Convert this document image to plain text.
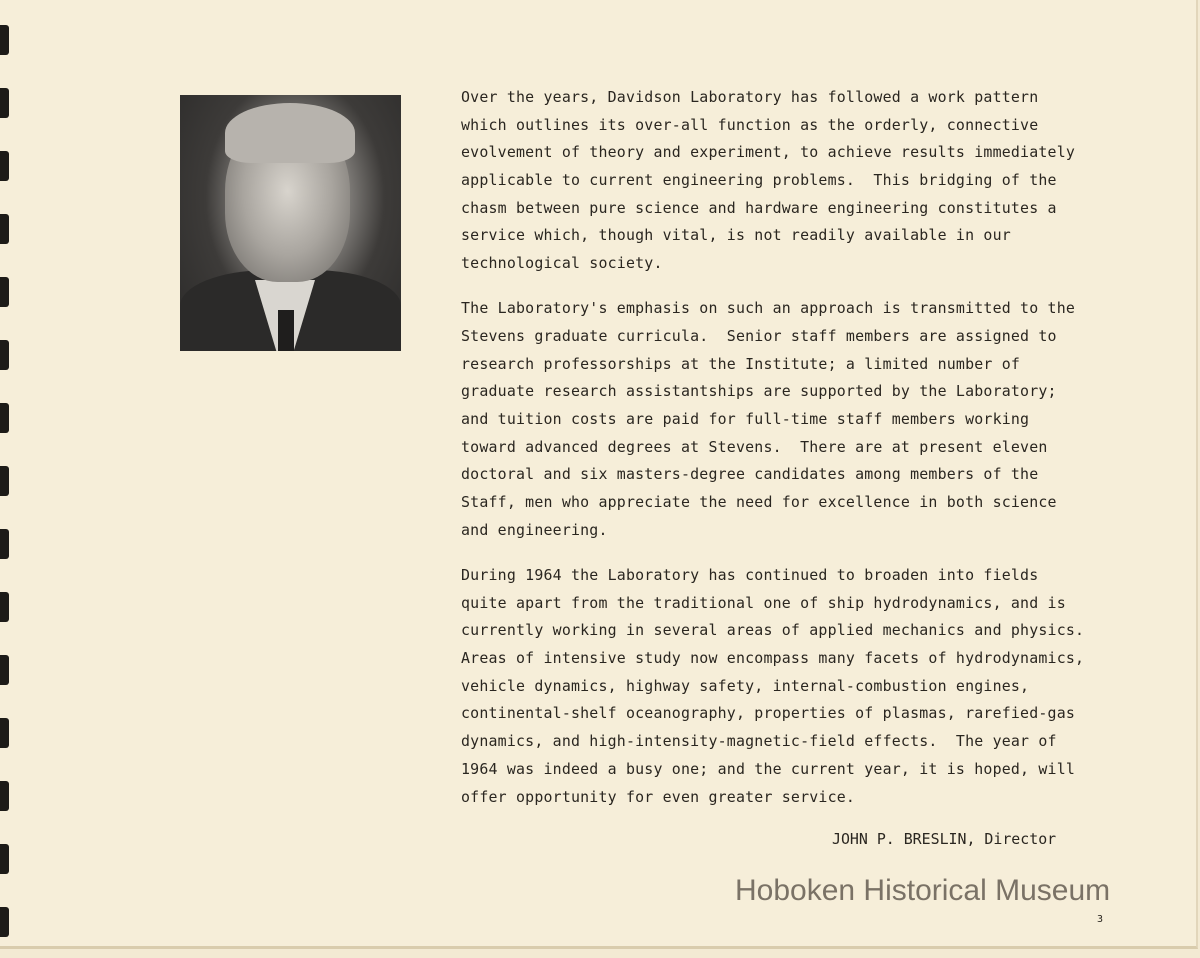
Over the years, Davidson Laboratory has followed a work pattern
which outlines its over-all function as the orderly, connective
evolvement of theory and experiment, to achieve results immediately
applicable to current engineering problems.  This bridging of the
chasm between pure science and hardware engineering constitutes a
service which, though vital, is not readily available in our
technological society.
The Laboratory's emphasis on such an approach is transmitted to the
Stevens graduate curricula.  Senior staff members are assigned to
research professorships at the Institute; a limited number of
graduate research assistantships are supported by the Laboratory;
and tuition costs are paid for full-time staff members working
toward advanced degrees at Stevens.  There are at present eleven
doctoral and six masters-degree candidates among members of the
Staff, men who appreciate the need for excellence in both science
and engineering.
During 1964 the Laboratory has continued to broaden into fields
quite apart from the traditional one of ship hydrodynamics, and is
currently working in several areas of applied mechanics and physics.
Areas of intensive study now encompass many facets of hydrodynamics,
vehicle dynamics, highway safety, internal-combustion engines,
continental-shelf oceanography, properties of plasmas, rarefied-gas
dynamics, and high-intensity-magnetic-field effects.  The year of
1964 was indeed a busy one; and the current year, it is hoped, will
offer opportunity for even greater service.
JOHN P. BRESLIN, Director
Hoboken Historical Museum
3
